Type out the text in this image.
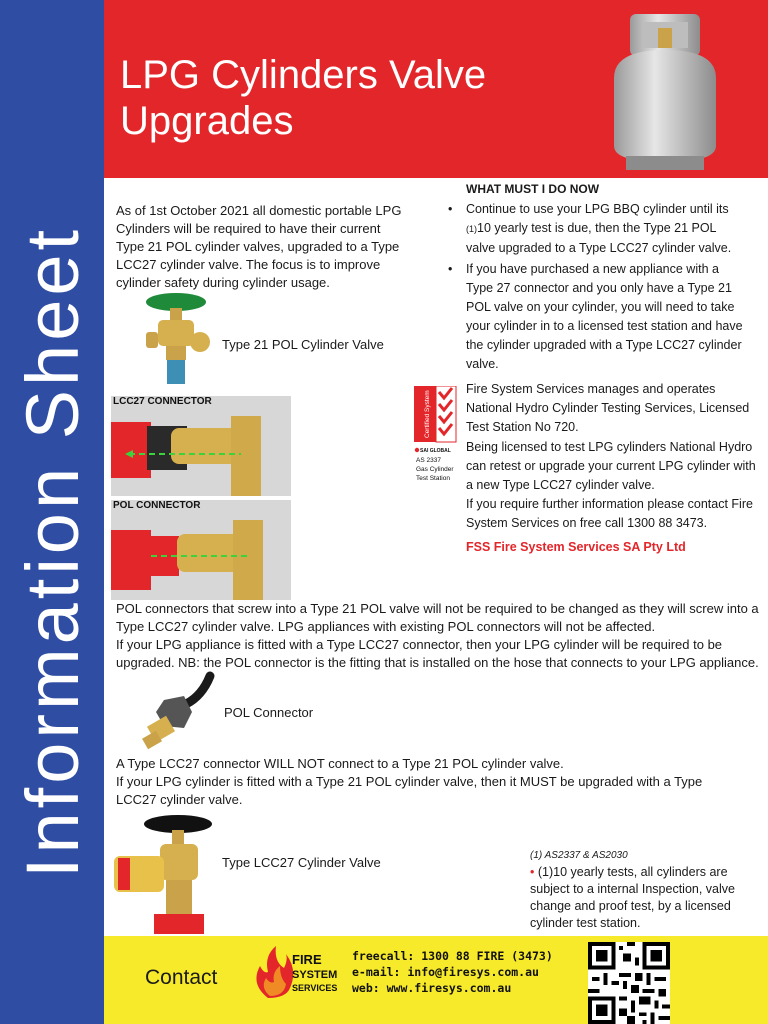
Information Sheet
LPG Cylinders Valve
Upgrades
As of 1st October 2021 all domestic portable LPG Cylinders will be required to have their current Type 21 POL cylinder valves, upgraded to a Type LCC27 cylinder valve. The focus is to improve cylinder safety during cylinder usage.
WHAT MUST I DO NOW
• Continue to use your LPG BBQ cylinder until its (1)10 yearly test is due, then the Type 21 POL valve upgraded to a Type LCC27 cylinder valve.
• If you have purchased a new appliance with a Type 27 connector and you only have a Type 21 POL valve on your cylinder, you will need to take your cylinder in to a licensed test station and have the cylinder upgraded with a Type LCC27 cylinder valve.
Certified System
SAI GLOBAL
AS 2337
Gas Cylinder
Test Station
Fire System Services manages and operates National Hydro Cylinder Testing Services, Licensed Test Station No 720.
Being licensed to test LPG cylinders National Hydro can retest or upgrade your current LPG cylinder with a new Type LCC27 cylinder valve.
If you require further information please contact Fire System Services on free call 1300 88 3473.
FSS Fire System Services SA Pty Ltd
Type 21 POL Cylinder Valve
LCC27 CONNECTOR
POL CONNECTOR
POL connectors that screw into a Type 21 POL valve will not be required to be changed as they will screw into a Type LCC27 cylinder valve. LPG appliances with existing POL connectors will not be affected.
If your LPG appliance is fitted with a Type LCC27 connector, then your LPG cylinder will be required to be upgraded. NB: the POL connector is the fitting that is installed on the hose that connects to your LPG appliance.
POL Connector
A Type LCC27 connector WILL NOT connect to a Type 21 POL cylinder valve.
If your LPG cylinder is fitted with a Type 21 POL cylinder valve, then it MUST be upgraded with a Type LCC27 cylinder valve.
Type LCC27 Cylinder Valve	(1) AS2337 & AS2030
• (1)10 yearly tests, all cylinders are subject to a internal Inspection, valve change and proof test, by a licensed cylinder test station.
Contact
FIRE
SYSTEM
SERVICES
freecall: 1300 88 FIRE (3473)
e-mail: info@firesys.com.au
web: www.firesys.com.au
